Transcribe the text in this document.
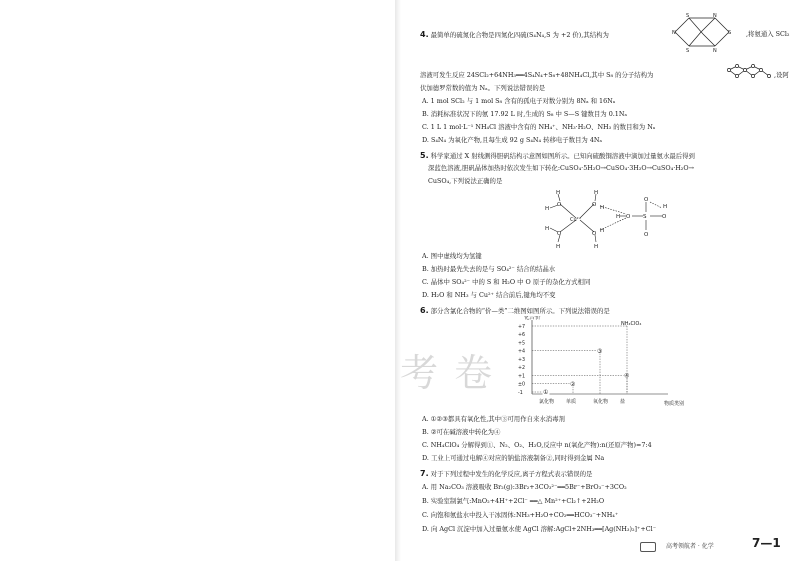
4. 最简单的硫氮化合物是四氮化四硫(S₄N₄,S 为 +2 价),其结构为	N
S	N
S
N
S
,将氨通入 SCl₂
溶液可发生反应 24SCl₂+64NH₃══4S₄N₄+S₈+48NH₄Cl,其中 S₈ 的分子结构为	,设阿
伏加德罗常数的值为 Nₐ。下列说法错误的是
A. 1 mol SCl₂ 与 1 mol S₈ 含有的孤电子对数分别为 8Nₐ 和 16Nₐ
B. 消耗标准状况下的氨 17.92 L 时,生成的 S₈ 中 S—S 键数目为 0.1Nₐ
C. 1 L 1 mol·L⁻¹ NH₄Cl 溶液中含有的 NH₄⁺、NH₃·H₂O、NH₃ 的数目和为 Nₐ
D. S₄N₄ 为氧化产物,且每生成 92 g S₄N₄ 转移电子数目为 4Nₐ
5. 科学家通过 X 射线测得胆矾结构示意图如图所示。已知向硫酸铜溶液中滴加过量氨水最后得到
深蓝色溶液,胆矾晶体加热时依次发生如下转化:CuSO₄·5H₂O→CuSO₄·3H₂O→CuSO₄·H₂O→
CuSO₄,下列说法正确的是
H
O
H
O
H
H
Cu²⁺
O
H
O
H
H
H
O S
O
O
O
H
H
A. 图中虚线均为氢键
B. 加热时最先失去的是与 SO₄²⁻ 结合的结晶水
C. 晶体中 SO₄²⁻ 中的 S 和 H₂O 中 O 原子的杂化方式相同
D. H₂O 和 NH₃ 与 Cu²⁺ 结合前后,键角均不变
6. 部分含氯化合物的“价—类”二维图如图所示。下列说法错误的是
化合价
物质类别
+7
+6
+5
+4
+3
+2
+1
±0
-1
氯化物 单质	氧化物 盐
①
②
③
④
NH₄ClO₄
A. ①②③都具有氧化性,其中③可用作自来水消毒剂
B. ②可在碱溶液中转化为④
C. NH₄ClO₄ 分解得到①、N₂、O₂、H₂O,反应中 n(氧化产物):n(还原产物)=7:4
D. 工业上可通过电解④对应的钠盐溶液制备②,同时得到金属 Na
7. 对于下列过程中发生的化学反应,离子方程式表示错误的是
A. 用 Na₂CO₃ 溶液吸收 Br₂(g):3Br₂+3CO₃²⁻══5Br⁻+BrO₃⁻+3CO₂
B. 实验室制氯气:MnO₂+4H⁺+2Cl⁻ ══△ Mn²⁺+Cl₂↑+2H₂O
C. 向饱和氨盐水中投入干冰固体:NH₃+H₂O+CO₂══HCO₃⁻+NH₄⁺
D. 向 AgCl 沉淀中加入过量氨水使 AgCl 溶解:AgCl+2NH₃══[Ag(NH₃)₂]⁺+Cl⁻
考 卷
高考领航者 · 化学	7—1
